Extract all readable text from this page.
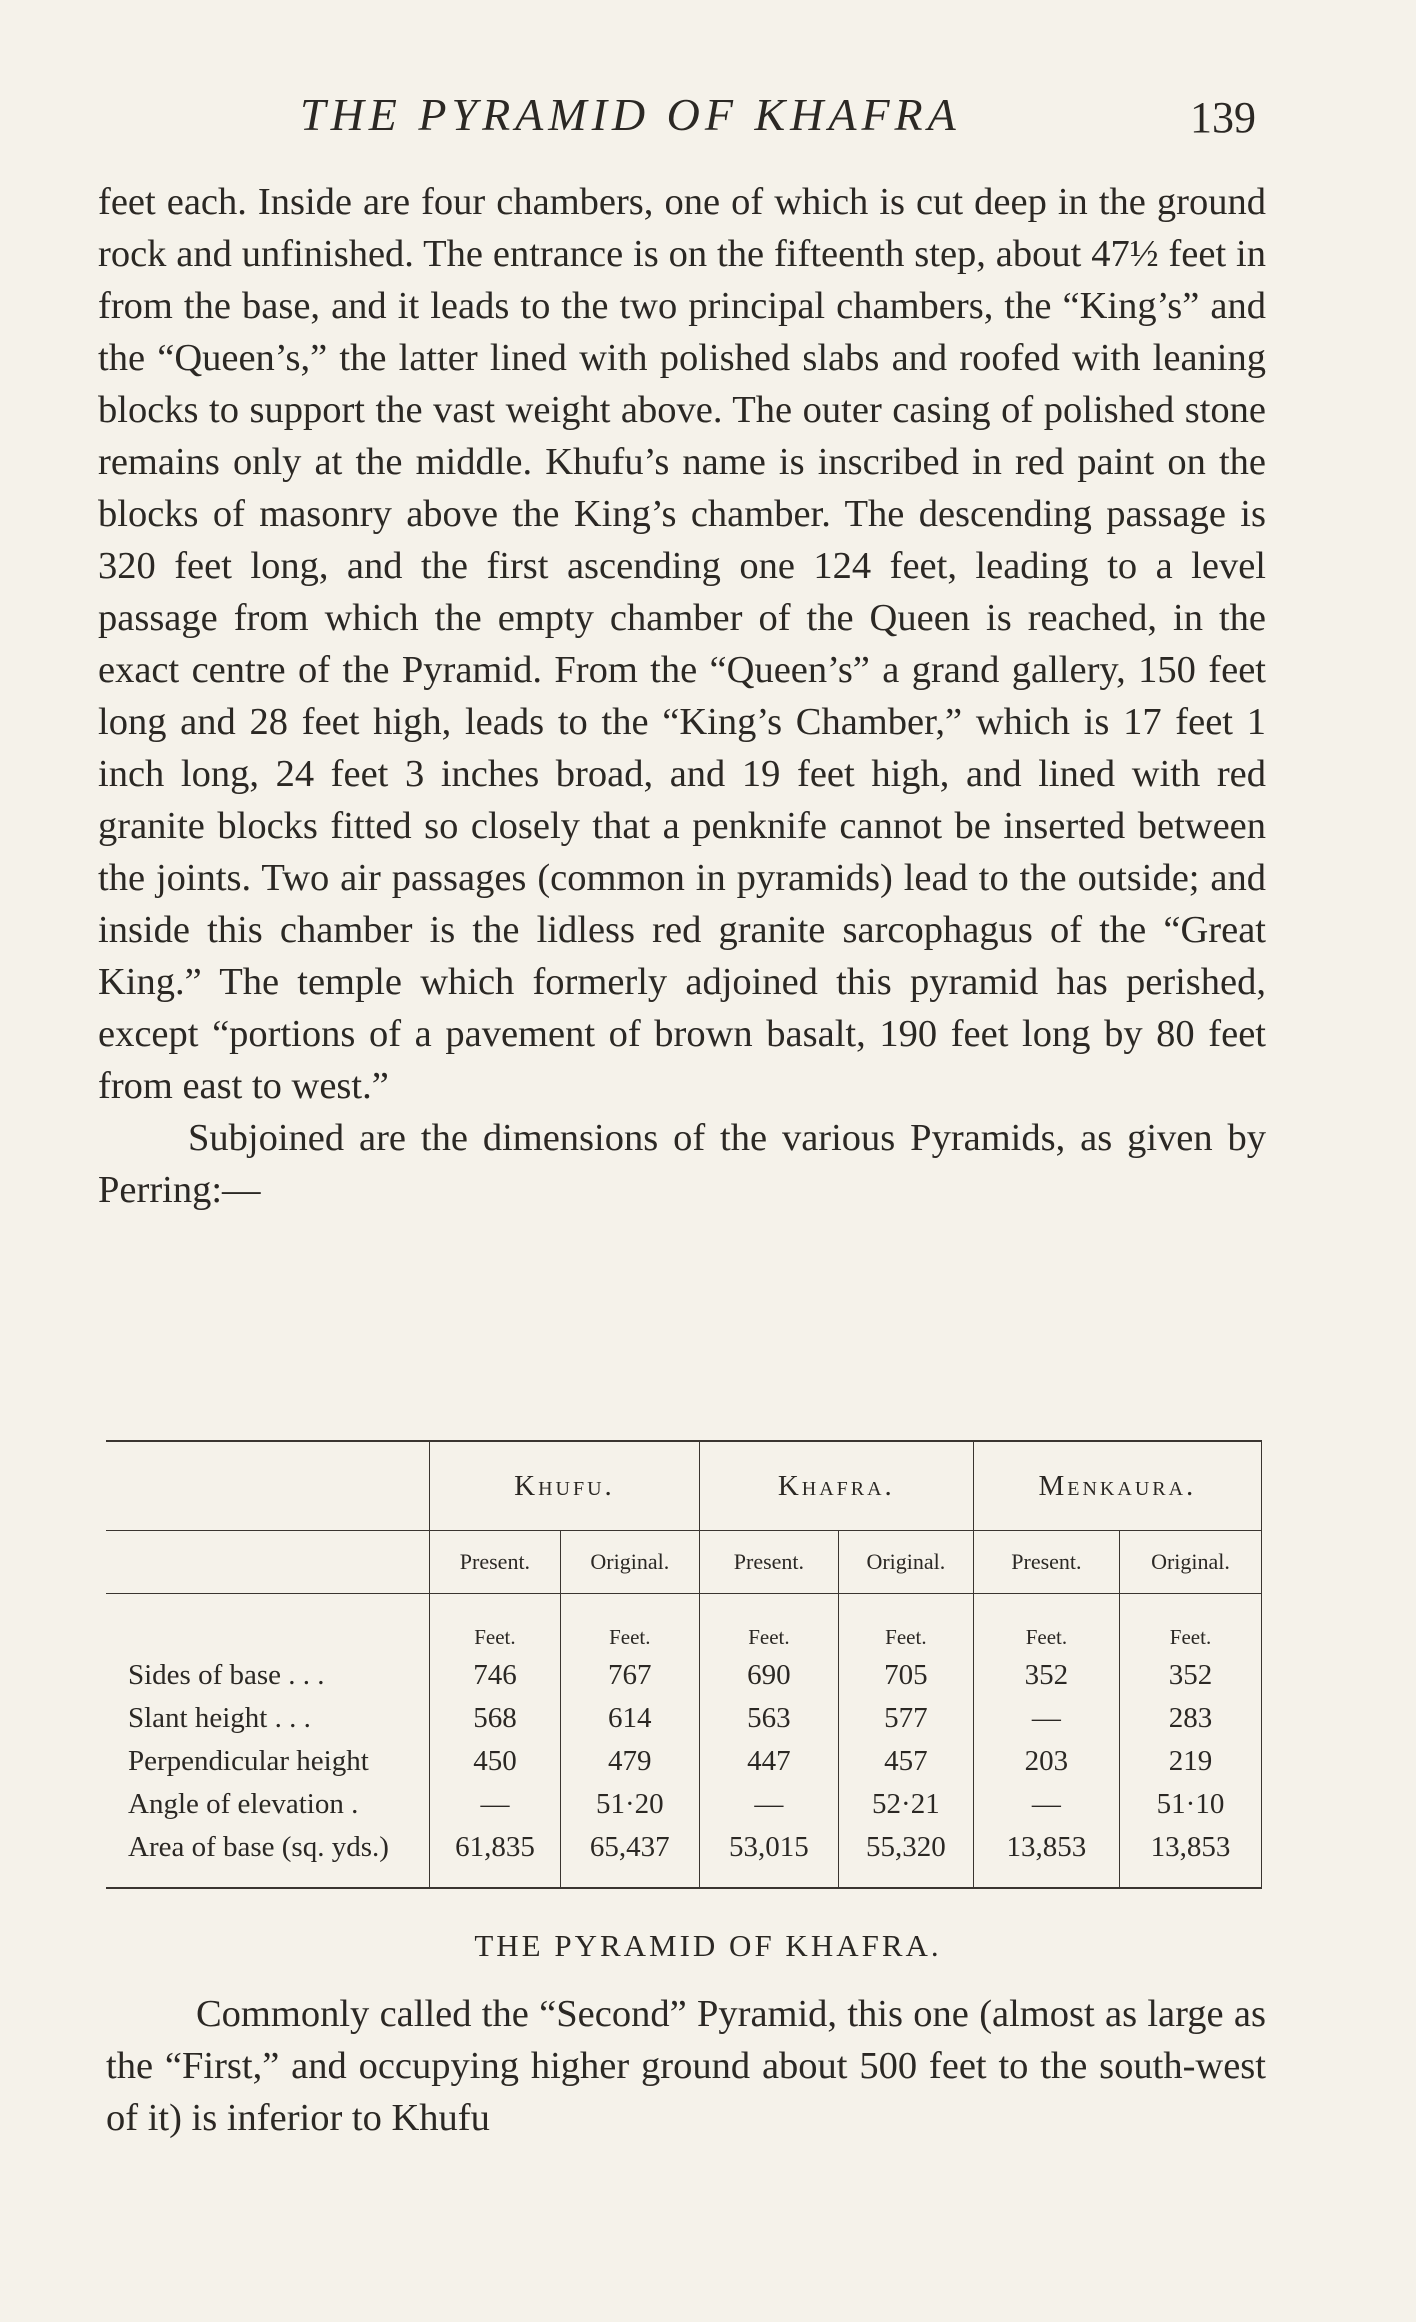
THE PYRAMID OF KHAFRA	139

feet each. Inside are four chambers, one of which is cut deep in the ground rock and unfinished. The entrance is on the fifteenth step, about 47½ feet in from the base, and it leads to the two principal chambers, the “King’s” and the “Queen’s,” the latter lined with polished slabs and roofed with leaning blocks to support the vast weight above. The outer casing of polished stone remains only at the middle. Khufu’s name is inscribed in red paint on the blocks of masonry above the King’s chamber. The descending passage is 320 feet long, and the first ascending one 124 feet, leading to a level passage from which the empty chamber of the Queen is reached, in the exact centre of the Pyramid. From the “Queen’s” a grand gallery, 150 feet long and 28 feet high, leads to the “King’s Chamber,” which is 17 feet 1 inch long, 24 feet 3 inches broad, and 19 feet high, and lined with red granite blocks fitted so closely that a penknife cannot be inserted between the joints. Two air passages (common in pyramids) lead to the outside; and inside this chamber is the lidless red granite sarcophagus of the “Great King.” The temple which formerly adjoined this pyramid has perished, except “portions of a pavement of brown basalt, 190 feet long by 80 feet from east to west.”

Subjoined are the dimensions of the various Pyramids, as given by Perring:—

	Khufu.		Khafra.		Menkaura.	
	Present.	Original.	Present.	Original.	Present.	Original.
	Feet.	Feet.	Feet.	Feet.	Feet.	Feet.
Sides of base . . .	746	767	690	705	352	352
Slant height . . .	568	614	563	577	—	283
Perpendicular height	450	479	447	457	203	219
Angle of elevation .	—	51·20	—	52·21	—	51·10
Area of base (sq. yds.)	61,835	65,437	53,015	55,320	13,853	13,853
THE PYRAMID OF KHAFRA.

Commonly called the “Second” Pyramid, this one (almost as large as the “First,” and occupying higher ground about 500 feet to the south-west of it) is inferior to Khufu
